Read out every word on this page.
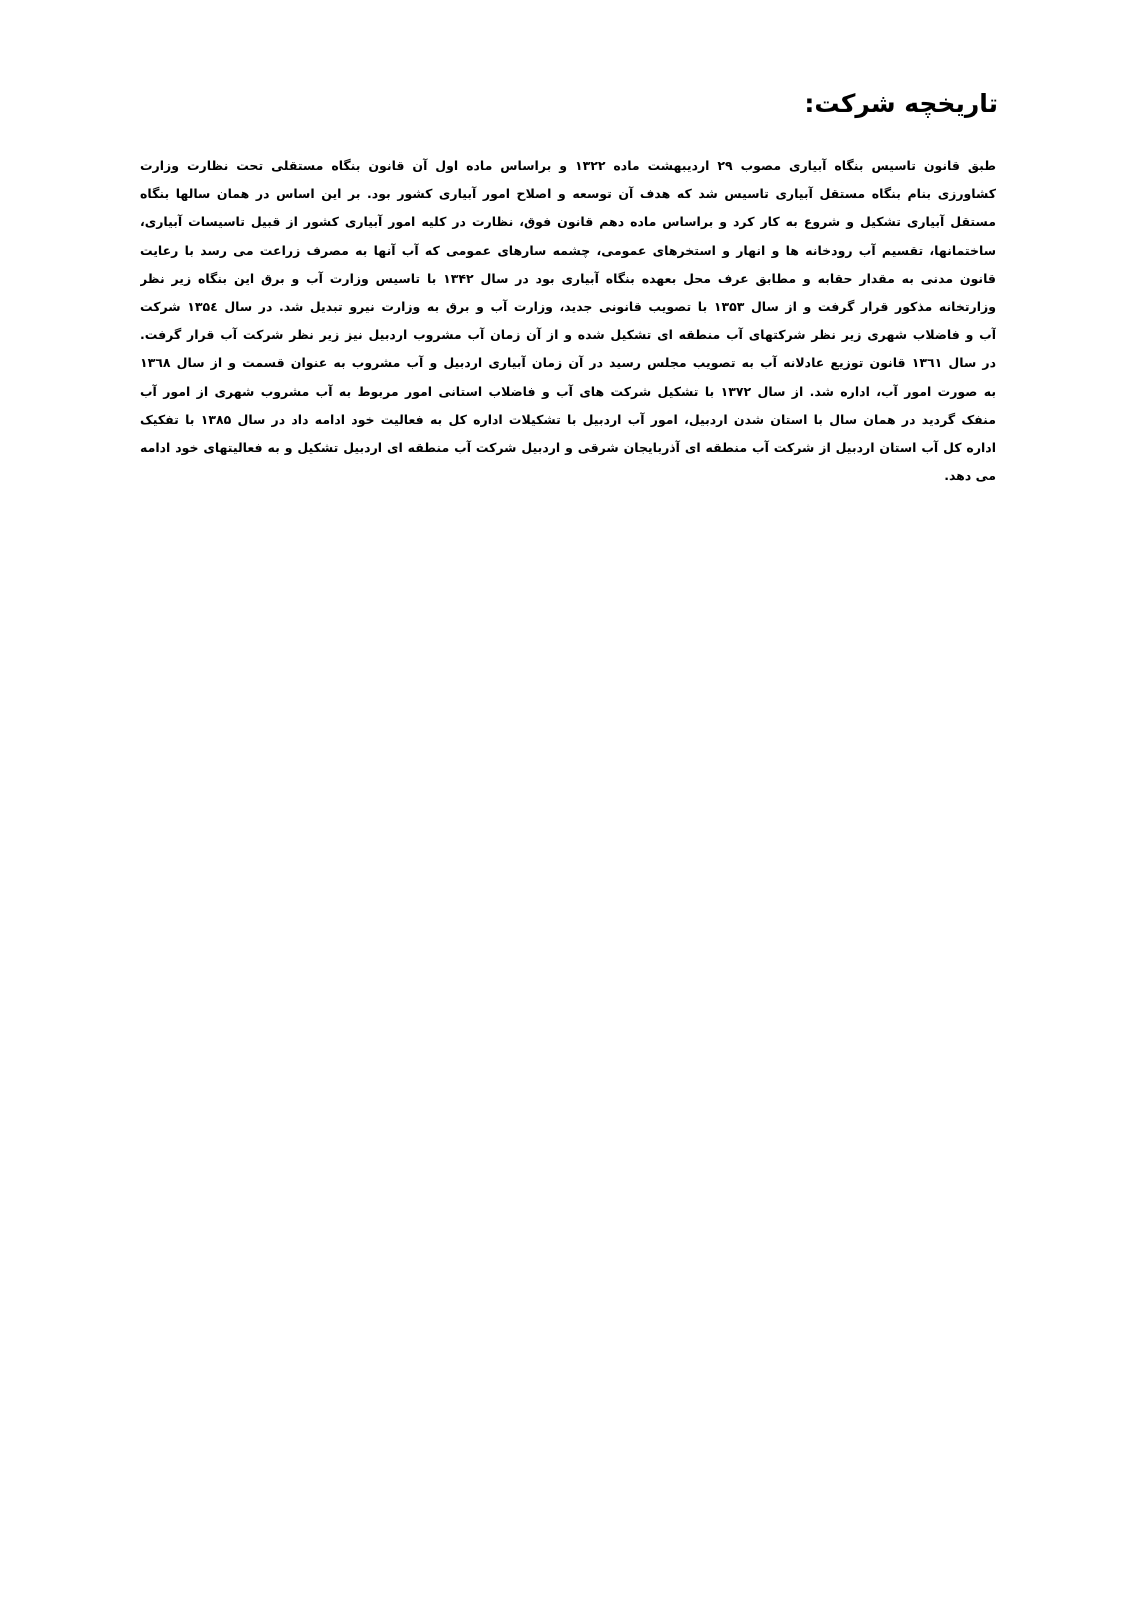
تاریخچه شرکت:
طبق قانون تاسیس بنگاه آبیاری مصوب ۲۹ اردیبهشت ماده ۱۳۲۲ و براساس ماده اول آن قانون بنگاه مستقلی تحت نظارت وزارت
کشاورزی بنام بنگاه مستقل آبیاری تاسیس شد که هدف آن توسعه و اصلاح امور آبیاری کشور بود. بر این اساس در همان سالها بنگاه
مستقل آبیاری تشکیل و شروع به کار کرد و براساس ماده دهم قانون فوق، نظارت در کلیه امور آبیاری کشور از قبیل تاسیسات آبیاری،
ساختمانها، تقسیم آب رودخانه ها و انهار و استخرهای عمومی، چشمه سارهای عمومی که آب آنها به مصرف زراعت می رسد با رعایت
قانون مدنی به مقدار حقابه و مطابق عرف محل بعهده بنگاه آبیاری بود در سال ۱۳۴۲ با تاسیس وزارت آب و برق این بنگاه زیر نظر
وزارتخانه مذکور قرار گرفت و از سال ۱۳۵۳ با تصویب قانونی جدید، وزارت آب و برق به وزارت نیرو تبدیل شد. در سال ۱۳۵٤ شرکت
آب و فاضلاب شهری زیر نظر شرکتهای آب منطقه ای تشکیل شده و از آن زمان آب مشروب اردبیل نیز زیر نظر شرکت آب قرار گرفت.
در سال ۱۳٦۱ قانون توزیع عادلانه آب به تصویب مجلس رسید در آن زمان آبیاری اردبیل و آب مشروب به عنوان قسمت و از سال ۱۳٦۸
به صورت امور آب، اداره شد. از سال ۱۳۷۲ با تشکیل شرکت های آب و فاضلاب استانی امور مربوط به آب مشروب شهری از امور آب
منفک گردید در همان سال با استان شدن اردبیل، امور آب اردبیل با تشکیلات اداره کل به فعالیت خود ادامه داد در سال ۱۳۸۵ با تفکیک
اداره کل آب استان اردبیل از شرکت آب منطقه ای آذربایجان شرقی و اردبیل شرکت آب منطقه ای اردبیل تشکیل و به فعالیتهای خود ادامه
می دهد.
